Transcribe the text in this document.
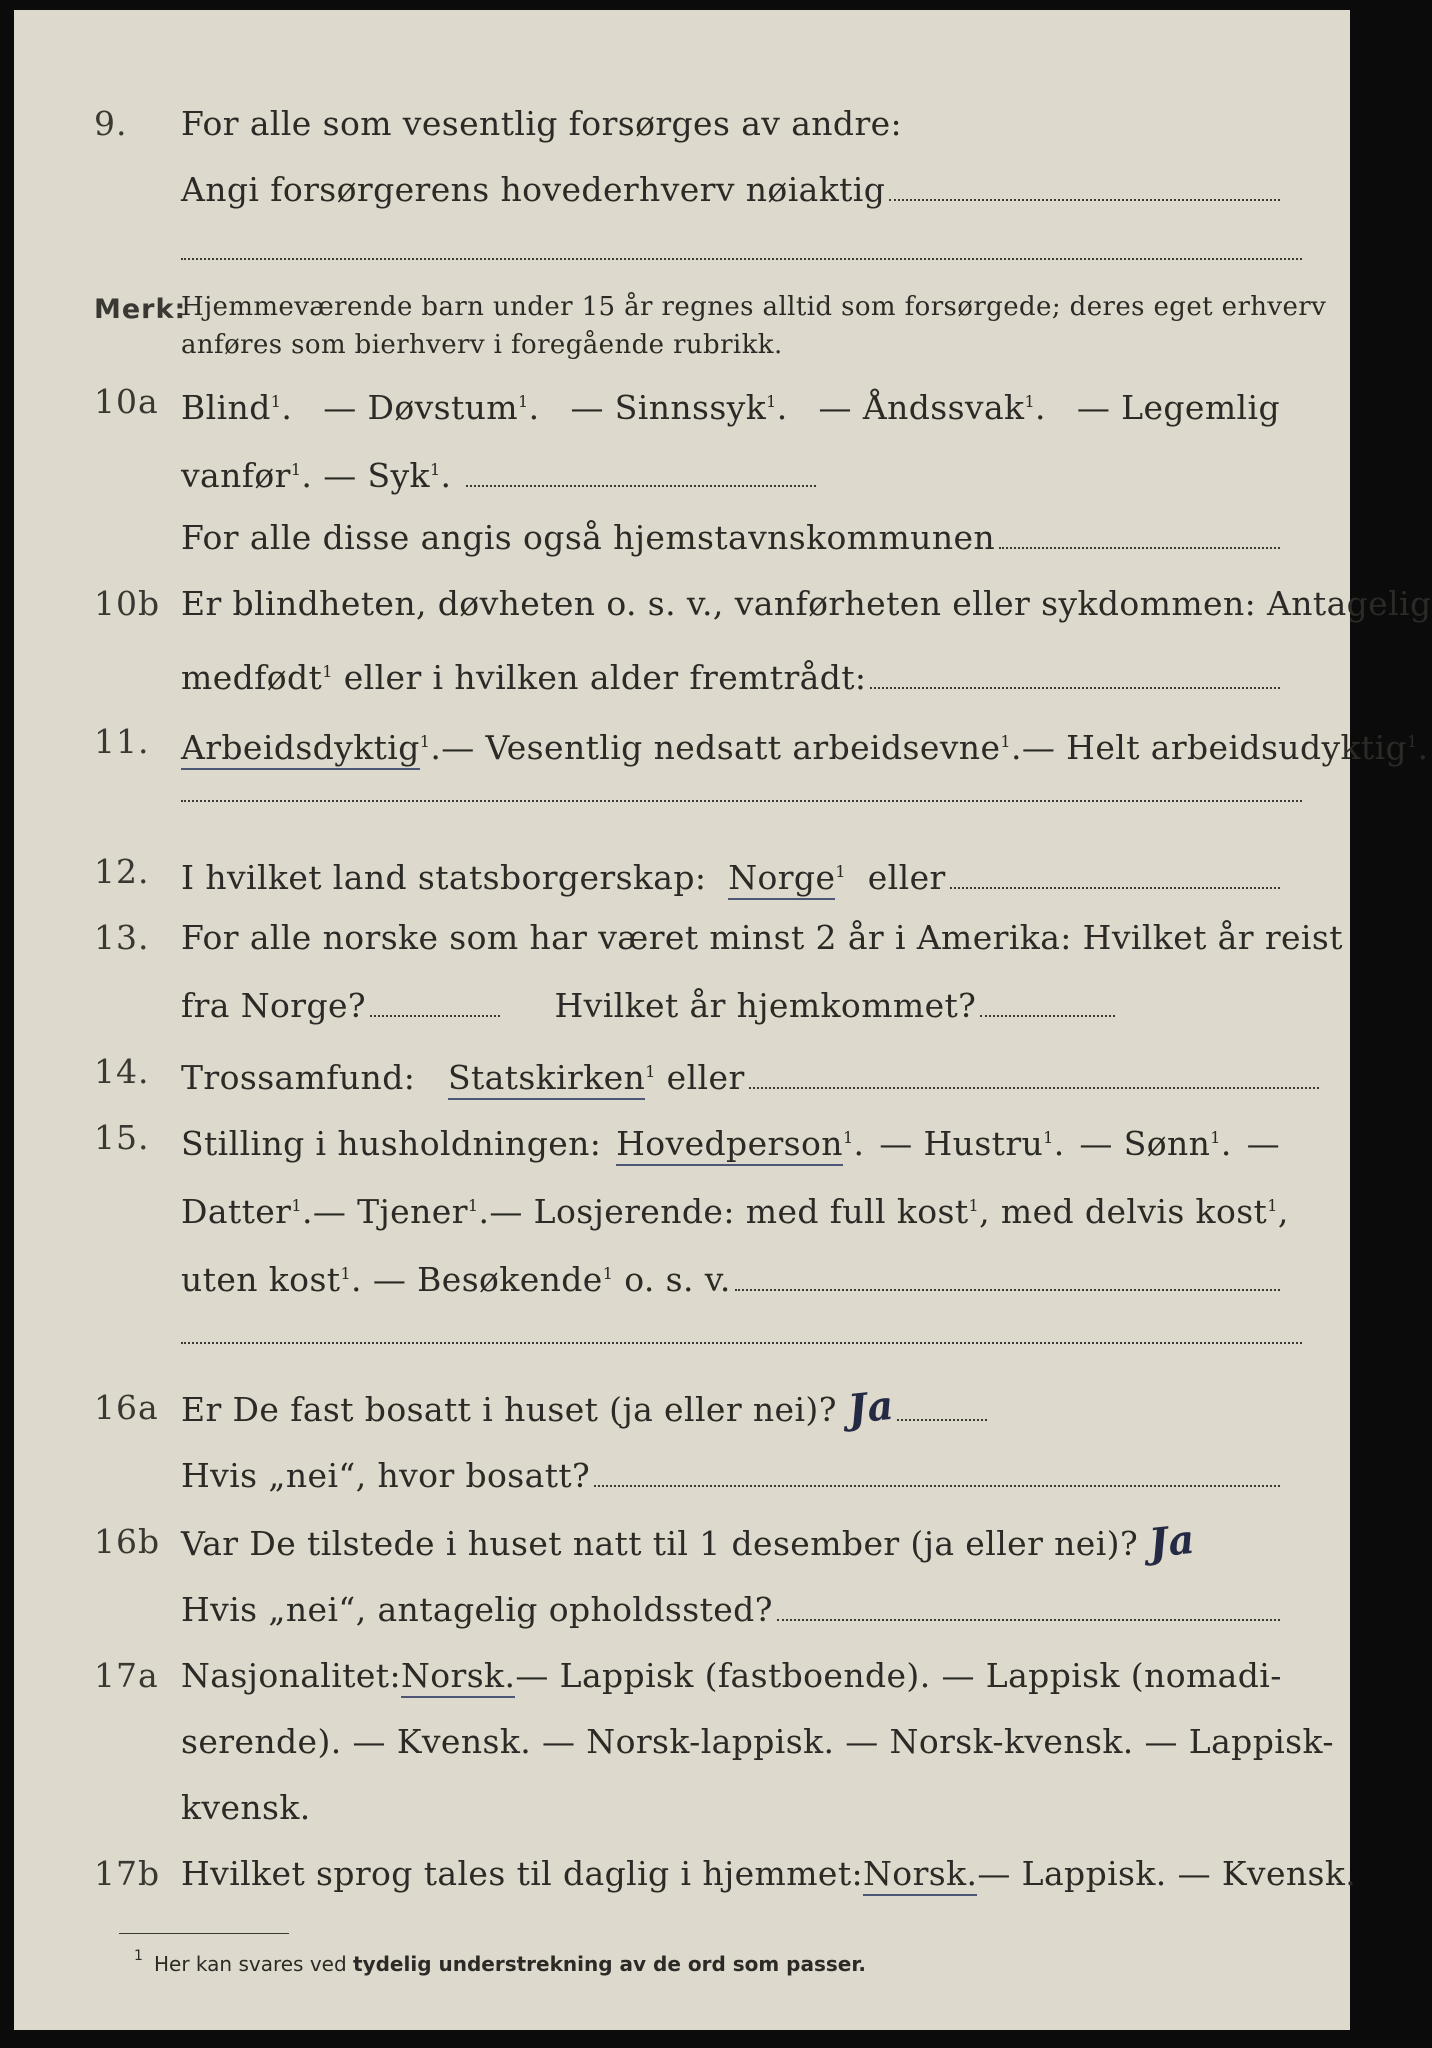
9. For alle som vesentlig forsørges av andre:
Angi forsørgerens hovederhverv nøiaktig
Merk:
Hjemmeværende barn under 15 år regnes alltid som forsørgede; deres eget erhverv
anføres som bierhverv i foregående rubrikk.
10a Blind$^1$. — Døvstum$^1$. — Sinnssyk$^1$. — Åndssvak$^1$. — Legemlig
vanfør$^1$. — Syk$^1$.
For alle disse angis også hjemstavnskommunen
10b Er blindheten, døvheten o. s. v., vanførheten eller sykdommen: Antagelig
medfødt$^1$ eller i hvilken alder fremtrådt:
11. Arbeidsdyktig$^1$. — Vesentlig nedsatt arbeidsevne$^1$. — Helt arbeidsudyktig$^1$.
12. I hvilket land statsborgerskap: Norge$^1$ eller
13. For alle norske som har været minst 2 år i Amerika: Hvilket år reist
fra Norge?	Hvilket år hjemkommet?
14. Trossamfund: Statskirken$^1$ eller
15. Stilling i husholdningen: Hovedperson$^1$. — Hustru$^1$. — Sønn$^1$. —
Datter$^1$. — Tjener$^1$. — Losjerende: med full kost$^1$ , med delvis kost$^1$,
uten kost$^1$. — Besøkende$^1$ o. s. v.
16a Er De fast bosatt i huset (ja eller nei)? Ja
Hvis „nei“, hvor bosatt?
16b Var De tilstede i huset natt til 1 desember (ja eller nei)? Ja
Hvis „nei“, antagelig opholdssted?
17a Nasjonalitet: Norsk. — Lappisk (fastboende). — Lappisk (nomadi-
serende). — Kvensk. — Norsk-lappisk. — Norsk-kvensk. — Lappisk-
kvensk.
17b Hvilket sprog tales til daglig i hjemmet: Norsk. — Lappisk. — Kvensk.
1 Her kan svares ved tydelig understrekning av de ord som passer.
